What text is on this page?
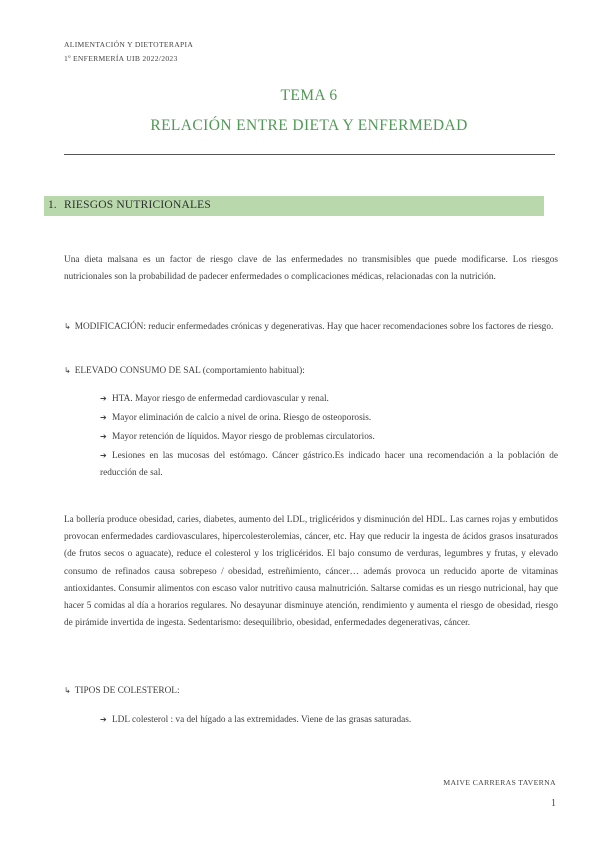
ALIMENTACIÓN Y DIETOTERAPIA
1º ENFERMERÍA UIB 2022/2023
TEMA 6
RELACIÓN ENTRE DIETA Y ENFERMEDAD
1. RIESGOS NUTRICIONALES
Una dieta malsana es un factor de riesgo clave de las enfermedades no transmisibles que puede modificarse. Los riesgos nutricionales son la probabilidad de padecer enfermedades o complicaciones médicas, relacionadas con la nutrición.
↳ MODIFICACIÓN: reducir enfermedades crónicas y degenerativas. Hay que hacer recomendaciones sobre los factores de riesgo.
↳ ELEVADO CONSUMO DE SAL (comportamiento habitual):
➔ HTA. Mayor riesgo de enfermedad cardiovascular y renal.
➔ Mayor eliminación de calcio a nivel de orina. Riesgo de osteoporosis.
➔ Mayor retención de líquidos. Mayor riesgo de problemas circulatorios.
➔ Lesiones en las mucosas del estómago. Cáncer gástrico.Es indicado hacer una recomendación a la población de reducción de sal.
La bollería produce obesidad, caries, diabetes, aumento del LDL, triglicéridos y disminución del HDL. Las carnes rojas y embutidos provocan enfermedades cardiovasculares, hipercolesterolemias, cáncer, etc. Hay que reducir la ingesta de ácidos grasos insaturados (de frutos secos o aguacate), reduce el colesterol y los triglicéridos. El bajo consumo de verduras, legumbres y frutas, y elevado consumo de refinados causa sobrepeso / obesidad, estreñimiento, cáncer… además provoca un reducido aporte de vitaminas antioxidantes. Consumir alimentos con escaso valor nutritivo causa malnutrición. Saltarse comidas es un riesgo nutricional, hay que hacer 5 comidas al día a horarios regulares. No desayunar disminuye atención, rendimiento y aumenta el riesgo de obesidad, riesgo de pirámide invertida de ingesta. Sedentarismo: desequilibrio, obesidad, enfermedades degenerativas, cáncer.
↳ TIPOS DE COLESTEROL:
➔ LDL colesterol : va del hígado a las extremidades. Viene de las grasas saturadas.
MAIVE CARRERAS TAVERNA
1
